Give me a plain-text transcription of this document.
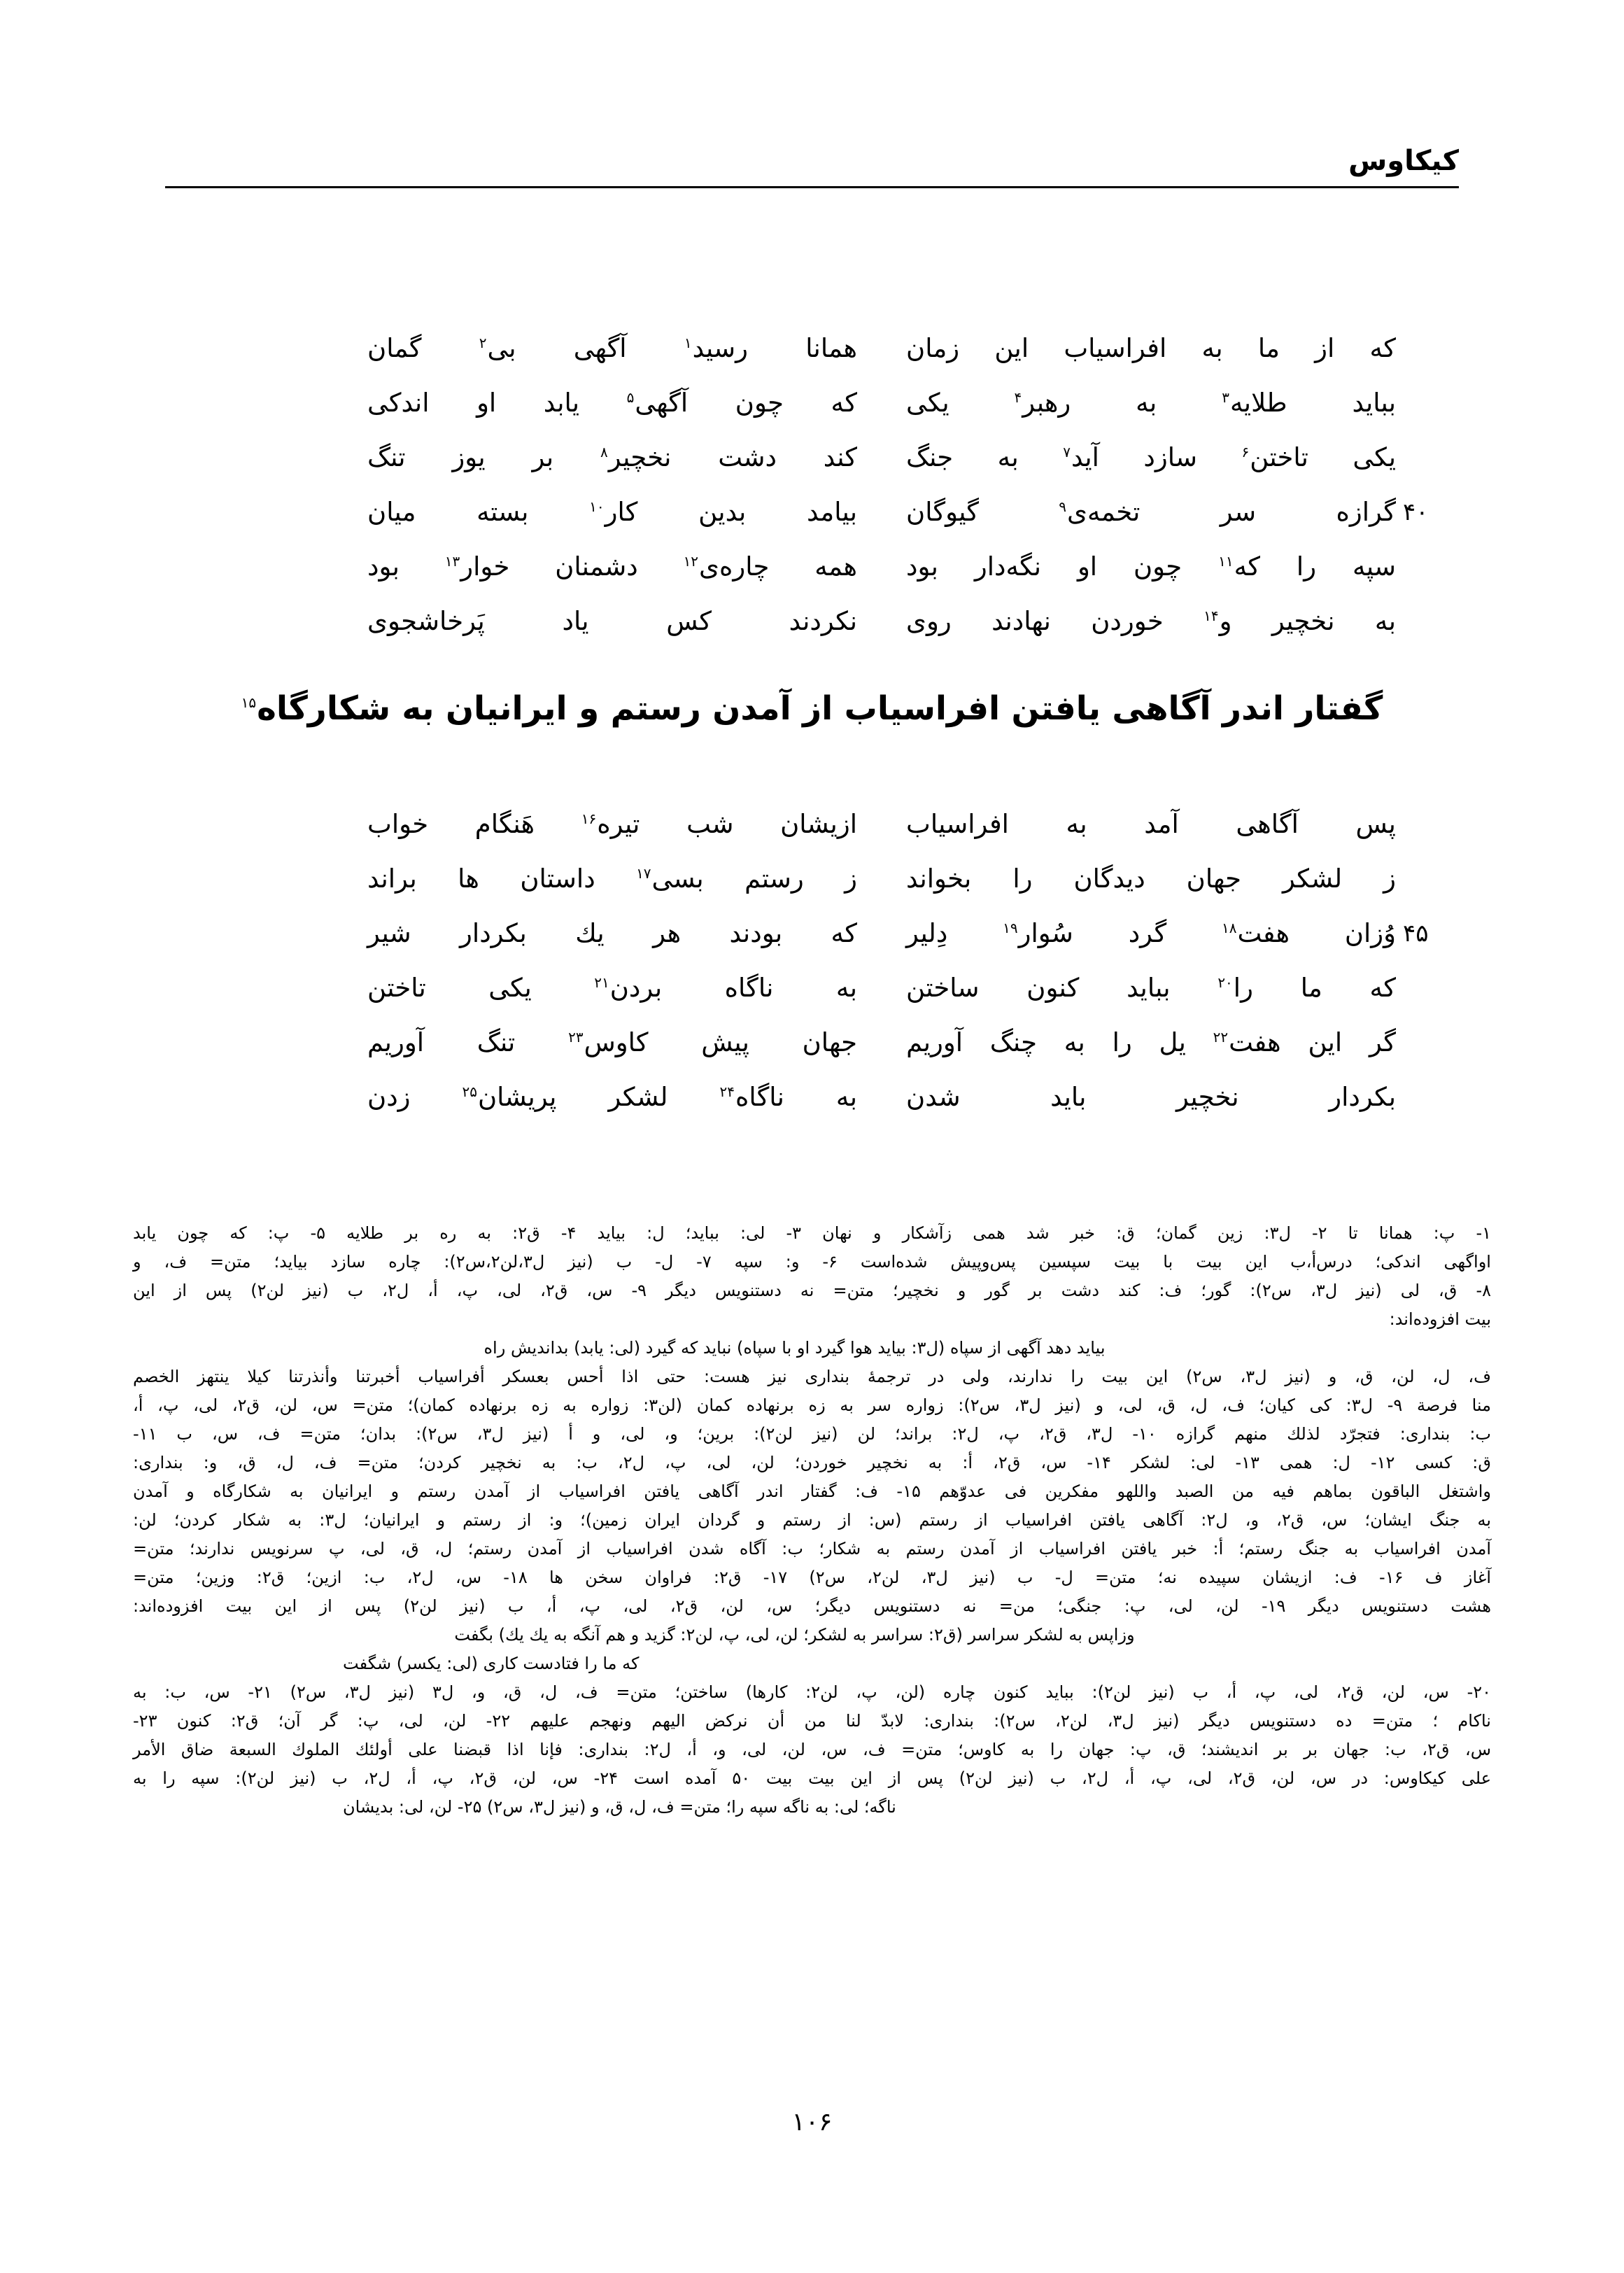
کیکاوس
که
از
ما
به
افراسیاب
این
زمان
همانا
رسید$^۱$
آگهی
بی$^۲$
گمان
بباید
طلایه$^۳$
به
رهبر$^۴$
یکی
که
چون
آگهی$^۵$
یابد
او
اندکی
یکی
تاختن$^۶$
سازد
آید$^۷$
به
جنگ
کند
دشت
نخچیر$^۸$
بر
یوز
تنگ
۴۰
گرازه
سر
تخمه‌ی$^۹$
گیوگان
بیامد
بدین
کار$^{۱۰}$
بسته
میان
سپه
را
که$^{۱۱}$
چون
او
نگه‌دار
بود
همه
چاره‌ی$^{۱۲}$
دشمنان
خوار$^{۱۳}$
بود
به
نخچیر
و$^{۱۴}$
خوردن
نهادند
روی
نکردند
کس
یاد
پَرخاشجوی
گفتار اندر آگاهی یافتن افراسیاب از آمدن رستم و ایرانیان به شکارگاه$^{۱۵}$
پس
آگاهی
آمد
به
افراسیاب
ازیشان
شب
تیره$^{۱۶}$
هَنگام
خواب
ز
لشکر
جهان
دیدگان
را
بخواند
ز
رستم
بسی$^{۱۷}$
داستان
ها
براند
۴۵
وُزان
هفت$^{۱۸}$
گرد
سُوار$^{۱۹}$
دِلیر
که
بودند
هر
یك
بکردار
شیر
که
ما
را$^{۲۰}$
بباید
کنون
ساختن
به
ناگاه
بردن$^{۲۱}$
یکی
تاختن
گر
این
هفت$^{۲۲}$
یل
را
به
چنگ
آوریم
جهان
پیش
کاوس$^{۲۳}$
تنگ
آوریم
بکردار
نخچیر
باید
شدن
به
ناگاه$^{۲۴}$
لشکر
پریشان$^{۲۵}$
زدن
۱- پ: همانا تا ۲- ل۳: زین گمان؛ ق: خبر شد همی زآشکار و نهان ۳- لی: بباید؛ ل: بیاید ۴- ق۲: به ره بر طلایه ۵- پ: که چون یابد
اواگهی اندکی؛ درس‌أ،ب این بیت با بیت سپسین پس‌وپیش شده‌است ۶- و: سپه ۷- ل- ب (نیز ل۳،لن۲،س۲): چاره سازد بیاید؛ متن= ف، و
۸- ق، لی (نیز ل۳، س۲): گور؛ ف: کند دشت بر گور و نخچیر؛ متن= نه دستنویس دیگر ۹- س، ق۲، لی، پ، أ، ل۲، ب (نیز لن۲) پس از این
بیت افزوده‌اند:
بیاید دهد آگهی از سپاه (ل۳: بیاید هوا گیرد او با سپاه) نباید که گیرد (لی: یابد) بداندیش راه
ف، ل، لن، ق، و (نیز ل۳، س۲) این بیت را ندارند، ولی در ترجمهٔ بنداری نیز هست: حتی اذا أحس بعسکر أفراسیاب أخبرتنا وأنذرتنا کیلا ینتهز الخصم
منا فرصة ۹- ل۳: کی کیان؛ ف، ل، ق، لی، و (نیز ل۳، س۲): زواره سر به زه برنهاده کمان (لن۳: زواره به زه برنهاده کمان)؛ متن= س، لن، ق۲، لی، پ، أ،
ب: بنداری: فتجرّد لذلك منهم گرازه ۱۰- ل۳، ق۲، پ، ل۲: براند؛ لن (نیز لن۲): برین؛ و، لی، و أ (نیز ل۳، س۲): بدان؛ متن= ف، س، ب ۱۱-
ق: کسی ۱۲- ل: همی ۱۳- لی: لشکر ۱۴- س، ق۲، أ: به نخچیر خوردن؛ لن، لی، پ، ل۲، ب: به نخچیر کردن؛ متن= ف، ل، ق، و: بنداری:
واشتغل الباقون بماهم فیه من الصبد واللهو مفکرین فی عدوّهم ۱۵- ف: گفتار اندر آگاهی یافتن افراسیاب از آمدن رستم و ایرانیان به شکارگاه و آمدن
به جنگ ایشان؛ س، ق۲، و، ل۲: آگاهی یافتن افراسیاب از رستم (س: از رستم و گردان ایران زمین)؛ و: از رستم و ایرانیان؛ ل۳: به شکار کردن؛ لن:
آمدن افراسیاب به جنگ رستم؛ أ: خبر یافتن افراسیاب از آمدن رستم به شکار؛ ب: آگاه شدن افراسیاب از آمدن رستم؛ ل، ق، لی، پ سرنویس ندارند؛ متن=
آغاز ف ۱۶- ف: ازیشان سپیده نه؛ متن= ل- ب (نیز ل۳، لن۲، س۲) ۱۷- ق۲: فراوان سخن ها ۱۸- س، ل۲، ب: ازین؛ ق۲: وزین؛ متن=
هشت دستنویس دیگر ۱۹- لن، لی، پ: جنگی؛ من= نه دستنویس دیگر؛ س، لن، ق۲، لی، پ، أ، ب (نیز لن۲) پس از این بیت افزوده‌اند:
وزاپس به لشکر سراسر (ق۲: سراسر به لشکر؛ لن، لی، پ، لن۲: گزید و هم آنگه به یك یك) بگفت
که ما را فتادست کاری (لی: یکسر) شگفت
۲۰- س، لن، ق۲، لی، پ، أ، ب (نیز لن۲): بباید کنون چاره (لن، پ، لن۲: کارها) ساختن؛ متن= ف، ل، ق، و، ل۳ (نیز ل۳، س۲) ۲۱- س، ب: به
ناکام ؛ متن= ده دستنویس دیگر (نیز ل۳، لن۲، س۲): بنداری: لابدّ لنا من أن نرکض الیهم ونهجم علیهم ۲۲- لن، لی، پ: گر آن؛ ق۲: کنون ۲۳-
س، ق۲، ب: جهان بر بر اندیشند؛ ق، پ: جهان را به کاوس؛ متن= ف، س، لن، لی، و، أ، ل۲: بنداری: فإنا اذا قبضنا علی أولئك الملوك السبعة ضاق الأمر
علی کیکاوس: در س، لن، ق۲، لی، پ، أ، ل۲، ب (نیز لن۲) پس از این بیت بیت ۵۰ آمده است ۲۴- س، لن، ق۲، پ، أ، ل۲، ب (نیز لن۲): سپه را به
ناگه؛ لی: به ناگه سپه را؛ متن= ف، ل، ق، و (نیز ل۳، س۲) ۲۵- لن، لی: بدیشان
۱۰۶
